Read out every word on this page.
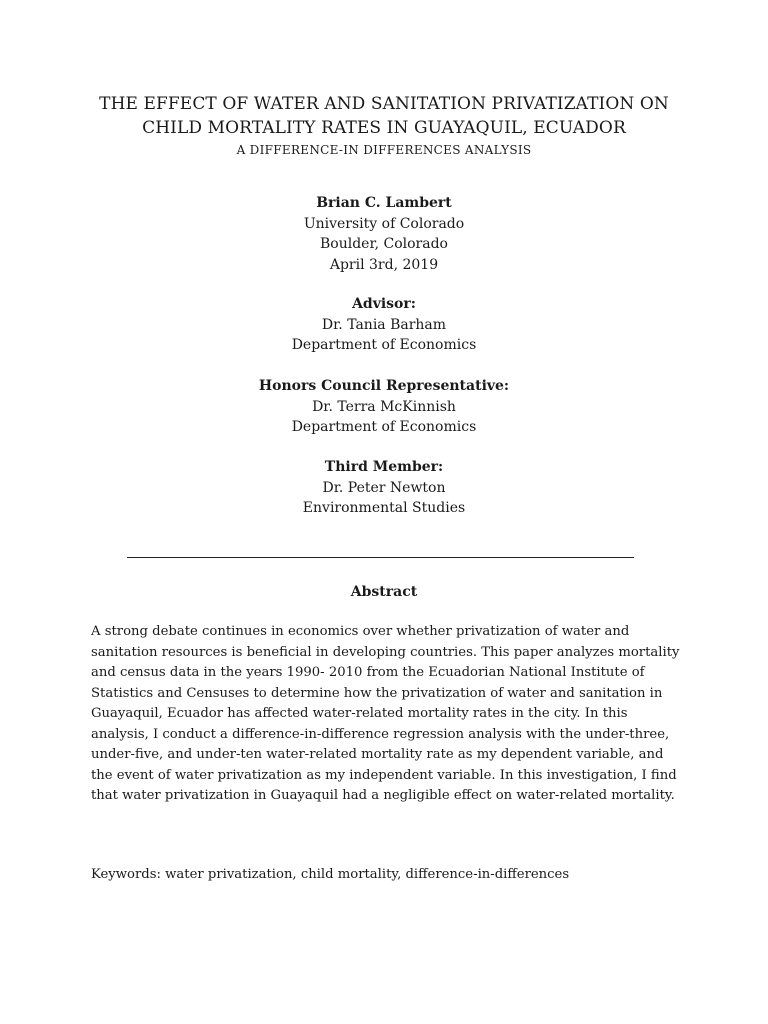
THE EFFECT OF WATER AND SANITATION PRIVATIZATION ON
CHILD MORTALITY RATES IN GUAYAQUIL, ECUADOR
A DIFFERENCE-IN DIFFERENCES ANALYSIS
Brian C. Lambert
University of Colorado
Boulder, Colorado
April 3rd, 2019
Advisor:
Dr. Tania Barham
Department of Economics
Honors Council Representative:
Dr. Terra McKinnish
Department of Economics
Third Member:
Dr. Peter Newton
Environmental Studies
Abstract
A strong debate continues in economics over whether privatization of water and
sanitation resources is beneficial in developing countries. This paper analyzes mortality
and census data in the years 1990- 2010 from the Ecuadorian National Institute of
Statistics and Censuses to determine how the privatization of water and sanitation in
Guayaquil, Ecuador has affected water-related mortality rates in the city. In this
analysis, I conduct a difference-in-difference regression analysis with the under-three,
under-five, and under-ten water-related mortality rate as my dependent variable, and
the event of water privatization as my independent variable. In this investigation, I find
that water privatization in Guayaquil had a negligible effect on water-related mortality.
Keywords: water privatization, child mortality, difference-in-differences
